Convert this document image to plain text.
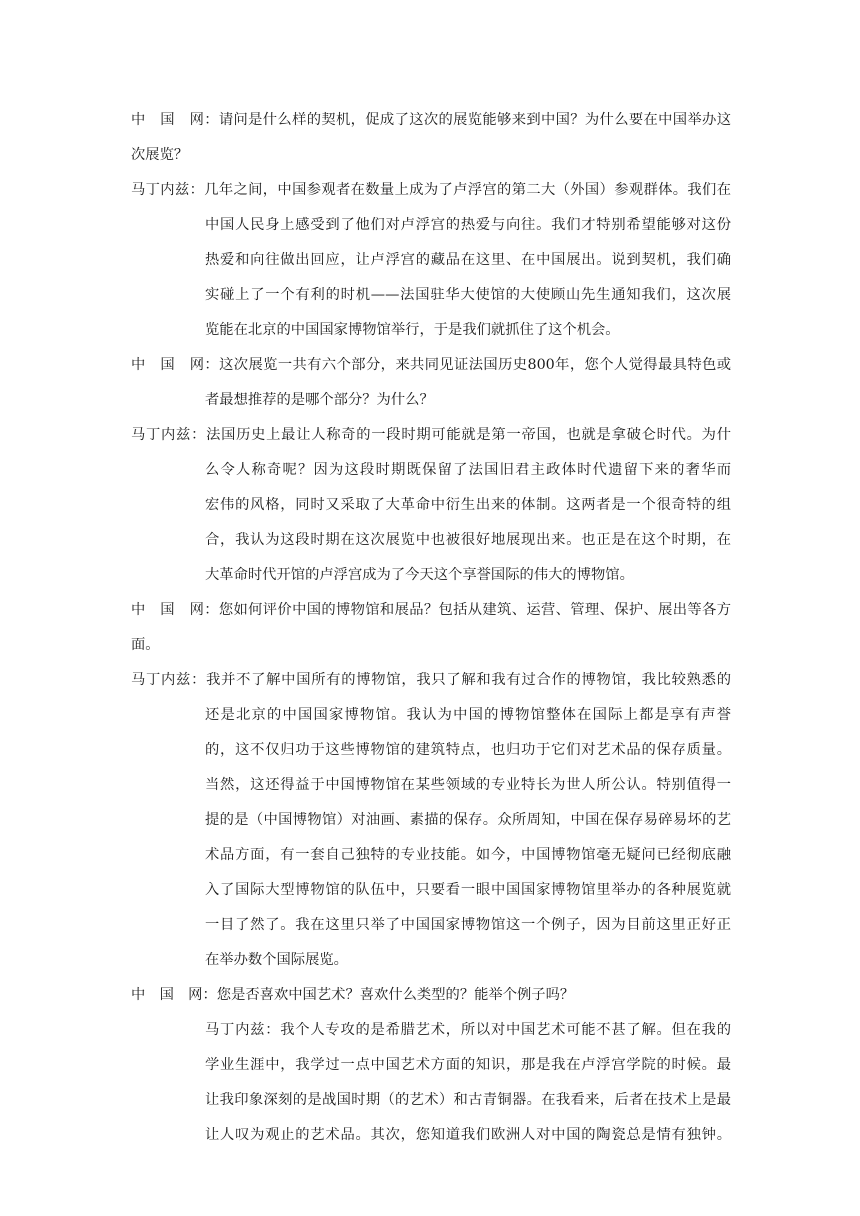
中　国　网：请问是什么样的契机，促成了这次的展览能够来到中国？为什么要在中国举办这

次展览？

马丁内兹：几年之间，中国参观者在数量上成为了卢浮宫的第二大（外国）参观群体。我们在

中国人民身上感受到了他们对卢浮宫的热爱与向往。我们才特别希望能够对这份

热爱和向往做出回应，让卢浮宫的藏品在这里、在中国展出。说到契机，我们确

实碰上了一个有利的时机——法国驻华大使馆的大使顾山先生通知我们，这次展

览能在北京的中国国家博物馆举行，于是我们就抓住了这个机会。

中　国　网：这次展览一共有六个部分，来共同见证法国历史800年，您个人觉得最具特色或

者最想推荐的是哪个部分？为什么？

马丁内兹：法国历史上最让人称奇的一段时期可能就是第一帝国，也就是拿破仑时代。为什

么令人称奇呢？因为这段时期既保留了法国旧君主政体时代遗留下来的奢华而

宏伟的风格，同时又采取了大革命中衍生出来的体制。这两者是一个很奇特的组

合，我认为这段时期在这次展览中也被很好地展现出来。也正是在这个时期，在

大革命时代开馆的卢浮宫成为了今天这个享誉国际的伟大的博物馆。

中　国　网：您如何评价中国的博物馆和展品？包括从建筑、运营、管理、保护、展出等各方

面。

马丁内兹：我并不了解中国所有的博物馆，我只了解和我有过合作的博物馆，我比较熟悉的

还是北京的中国国家博物馆。我认为中国的博物馆整体在国际上都是享有声誉

的，这不仅归功于这些博物馆的建筑特点，也归功于它们对艺术品的保存质量。

当然，这还得益于中国博物馆在某些领域的专业特长为世人所公认。特别值得一

提的是（中国博物馆）对油画、素描的保存。众所周知，中国在保存易碎易坏的艺

术品方面，有一套自己独特的专业技能。如今，中国博物馆毫无疑问已经彻底融

入了国际大型博物馆的队伍中，只要看一眼中国国家博物馆里举办的各种展览就

一目了然了。我在这里只举了中国国家博物馆这一个例子，因为目前这里正好正

在举办数个国际展览。

中　国　网：您是否喜欢中国艺术？喜欢什么类型的？能举个例子吗？

马丁内兹：我个人专攻的是希腊艺术，所以对中国艺术可能不甚了解。但在我的

学业生涯中，我学过一点中国艺术方面的知识，那是我在卢浮宫学院的时候。最

让我印象深刻的是战国时期（的艺术）和古青铜器。在我看来，后者在技术上是最

让人叹为观止的艺术品。其次，您知道我们欧洲人对中国的陶瓷总是情有独钟。
